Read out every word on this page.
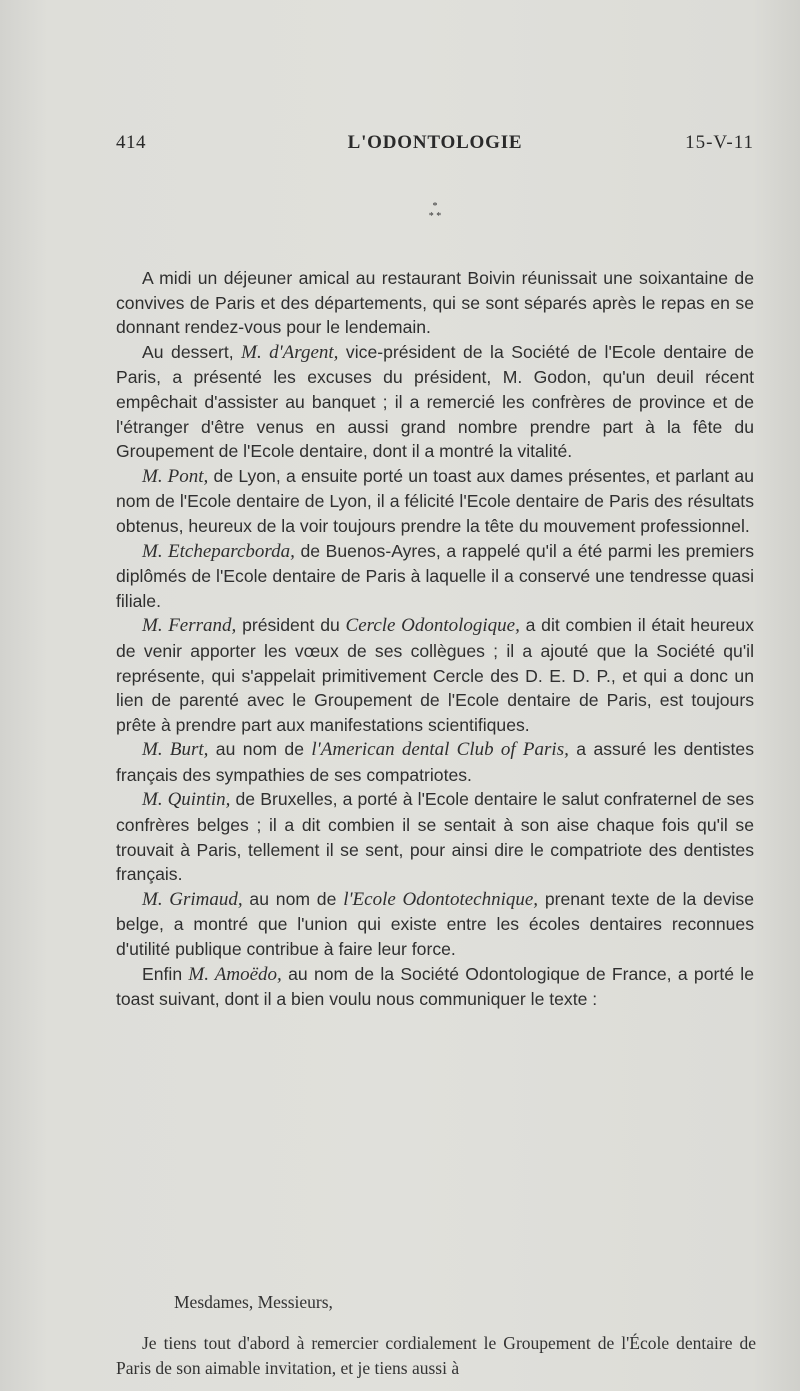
414	L'ODONTOLOGIE	15-V-11
*
* *

A midi un déjeuner amical au restaurant Boivin réunissait une soixantaine de convives de Paris et des départements, qui se sont séparés après le repas en se donnant rendez-vous pour le lendemain.

Au dessert, M. d'Argent, vice-président de la Société de l'Ecole dentaire de Paris, a présenté les excuses du président, M. Godon, qu'un deuil récent empêchait d'assister au banquet ; il a remercié les confrères de province et de l'étranger d'être venus en aussi grand nombre prendre part à la fête du Groupement de l'Ecole dentaire, dont il a montré la vitalité.

M. Pont, de Lyon, a ensuite porté un toast aux dames présentes, et parlant au nom de l'Ecole dentaire de Lyon, il a félicité l'Ecole dentaire de Paris des résultats obtenus, heureux de la voir toujours prendre la tête du mouvement professionnel.

M. Etcheparcborda, de Buenos-Ayres, a rappelé qu'il a été parmi les premiers diplômés de l'Ecole dentaire de Paris à laquelle il a conservé une tendresse quasi filiale.

M. Ferrand, président du Cercle Odontologique, a dit combien il était heureux de venir apporter les vœux de ses collègues ; il a ajouté que la Société qu'il représente, qui s'appelait primitivement Cercle des D. E. D. P., et qui a donc un lien de parenté avec le Groupement de l'Ecole dentaire de Paris, est toujours prête à prendre part aux manifestations scientifiques.

M. Burt, au nom de l'American dental Club of Paris, a assuré les dentistes français des sympathies de ses compatriotes.

M. Quintin, de Bruxelles, a porté à l'Ecole dentaire le salut confraternel de ses confrères belges ; il a dit combien il se sentait à son aise chaque fois qu'il se trouvait à Paris, tellement il se sent, pour ainsi dire le compatriote des dentistes français.

M. Grimaud, au nom de l'Ecole Odontotechnique, prenant texte de la devise belge, a montré que l'union qui existe entre les écoles dentaires reconnues d'utilité publique contribue à faire leur force.

Enfin M. Amoëdo, au nom de la Société Odontologique de France, a porté le toast suivant, dont il a bien voulu nous communiquer le texte :

Mesdames, Messieurs,

Je tiens tout d'abord à remercier cordialement le Groupement de l'École dentaire de Paris de son aimable invitation, et je tiens aussi à
